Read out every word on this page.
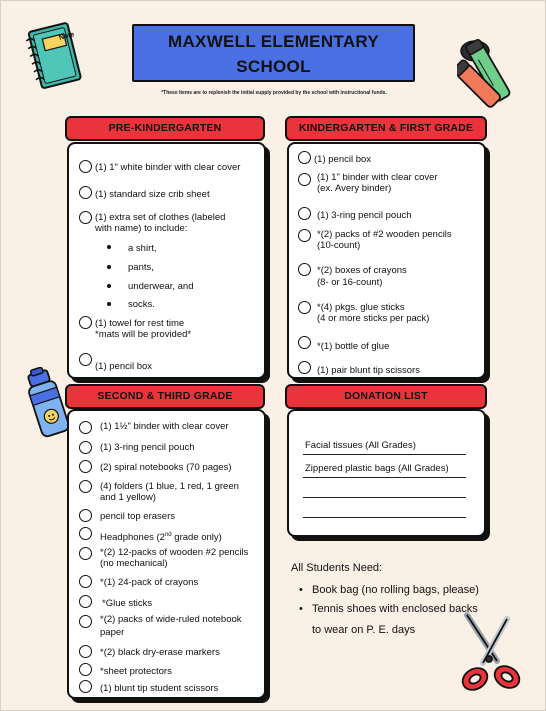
Note	MAXWELL ELEMENTARY
SCHOOL
*These items are to replenish the initial supply provided by the school with instructional funds.
PRE-KINDERGARTEN
(1) 1" white binder with clear cover
(1) standard size crib sheet
(1) extra set of clothes (labeled
with name) to include:
a shirt,
pants,
underwear, and
socks.
(1) towel for rest time
*mats will be provided*
(1) pencil box
KINDERGARTEN & FIRST GRADE
(1) pencil box
(1) 1" binder with clear cover
(ex. Avery binder)
(1) 3-ring pencil pouch
*(2) packs of #2 wooden pencils
(10-count)
*(2) boxes of crayons
(8- or 16-count)
*(4) pkgs. glue sticks
(4 or more sticks per pack)
*(1) bottle of glue
(1) pair blunt tip scissors
SECOND & THIRD GRADE
(1) 1½" binder with clear cover
(1) 3-ring pencil pouch
(2) spiral notebooks (70 pages)
(4) folders (1 blue, 1 red, 1 green
and 1 yellow)
pencil top erasers
Headphones (2nd grade only)
*(2) 12-packs of wooden #2 pencils
(no mechanical)
*(1) 24-pack of crayons
*Glue sticks
*(2) packs of wide-ruled notebook
paper
*(2) black dry-erase markers
*sheet protectors
(1) blunt tip student scissors
DONATION LIST
Facial tissues (All Grades)
Zippered plastic bags (All Grades)
All Students Need:
• Book bag (no rolling bags, please)
• Tennis shoes with enclosed backs
to wear on P. E. days
